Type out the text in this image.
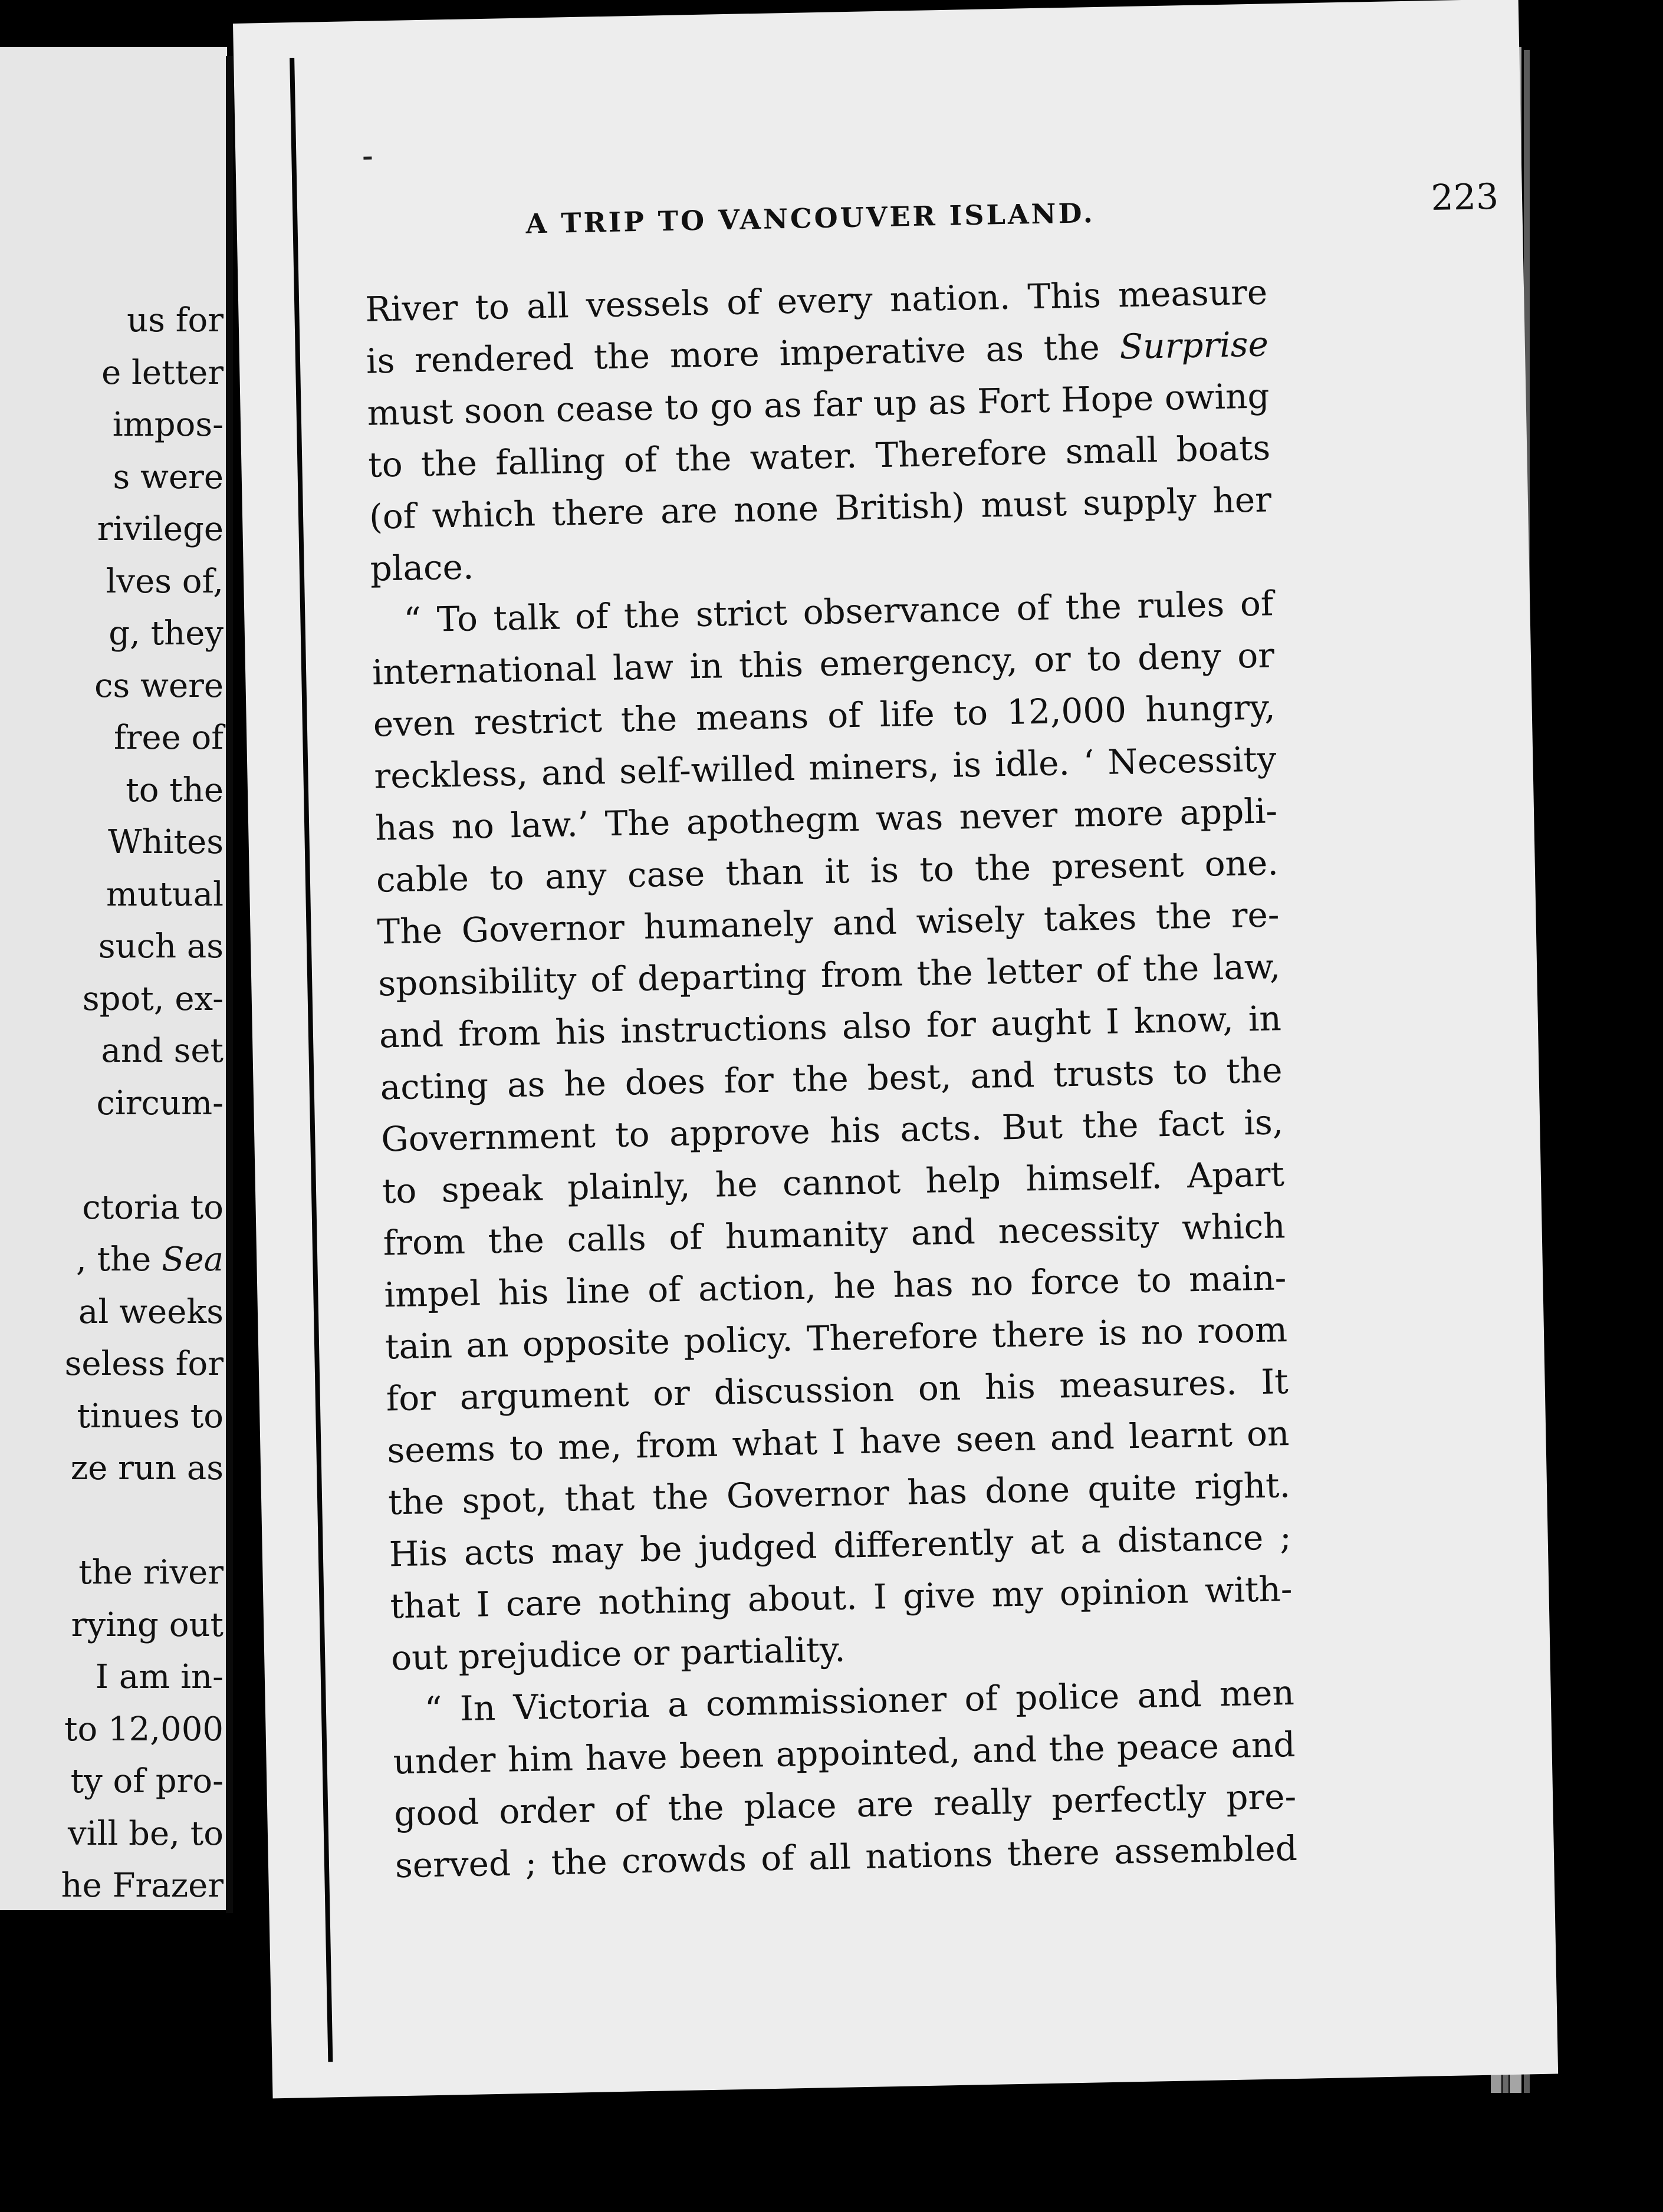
us for
e letter
impos-
s were
rivilege
lves of,
g, they
cs were
free of
to the
Whites
mutual
such as
spot, ex-
and set
circum-
ctoria to
, the Sea
al weeks
seless for
tinues to
ze run as
the river
rying out
I am in-
to 12,000
ty of pro-
vill be, to
he Frazer
A TRIP TO VANCOUVER ISLAND.	223
River to all vessels of every nation. This measure
is rendered the more imperative as the Surprise
must soon cease to go as far up as Fort Hope owing
to the falling of the water. Therefore small boats
(of which there are none British) must supply her
place.
“ To talk of the strict observance of the rules of
international law in this emergency, or to deny or
even restrict the means of life to 12,000 hungry,
reckless, and self-willed miners, is idle. ‘ Necessity
has no law.’ The apothegm was never more appli-
cable to any case than it is to the present one.
The Governor humanely and wisely takes the re-
sponsibility of departing from the letter of the law,
and from his instructions also for aught I know, in
acting as he does for the best, and trusts to the
Government to approve his acts. But the fact is,
to speak plainly, he cannot help himself. Apart
from the calls of humanity and necessity which
impel his line of action, he has no force to main-
tain an opposite policy. Therefore there is no room
for argument or discussion on his measures. It
seems to me, from what I have seen and learnt on
the spot, that the Governor has done quite right.
His acts may be judged differently at a distance ;
that I care nothing about. I give my opinion with-
out prejudice or partiality.
“ In Victoria a commissioner of police and men
under him have been appointed, and the peace and
good order of the place are really perfectly pre-
served ; the crowds of all nations there assembled
